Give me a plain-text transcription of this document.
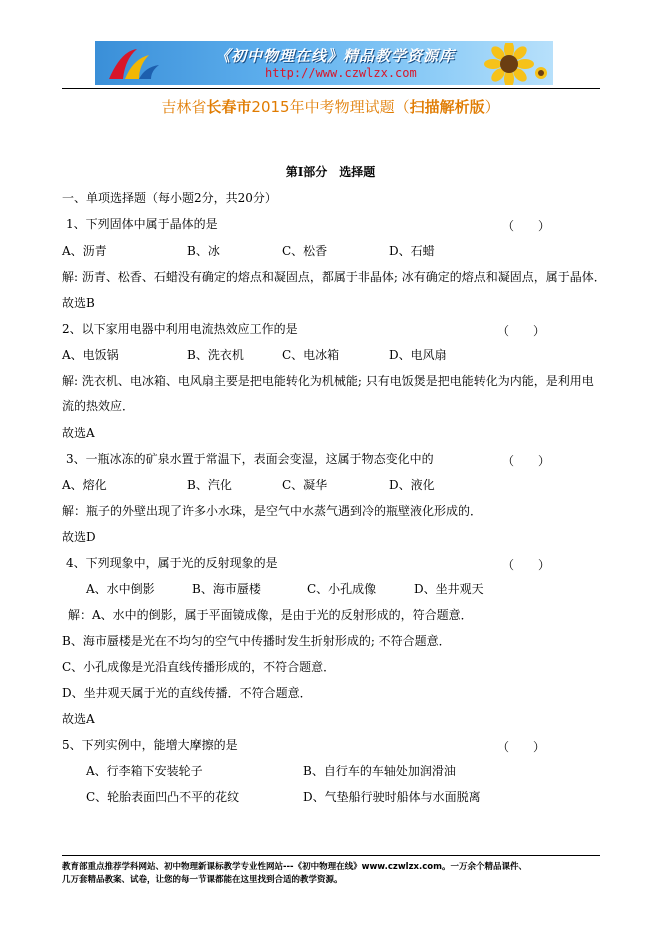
《初中物理在线》精品教学资源库
http://www.czwlzx.com
吉林省长春市2015年中考物理试题（扫描解析版）
第Ⅰ部分　选择题
一、单项选择题（每小题2分，共20分）
1、下列固体中属于晶体的是	（　　）
A、沥青	B、冰	C、松香	D、石蜡
解: 沥青、松香、石蜡没有确定的熔点和凝固点，都属于非晶体; 冰有确定的熔点和凝固点，属于晶体．
故选B
2、以下家用电器中利用电流热效应工作的是	（　　）
A、电饭锅	B、洗衣机	C、电冰箱	D、电风扇
解: 洗衣机、电冰箱、电风扇主要是把电能转化为机械能; 只有电饭煲是把电能转化为内能，是利用电
流的热效应．
故选A
3、一瓶冰冻的矿泉水置于常温下，表面会变湿，这属于物态变化中的	（　　）
A、熔化	B、汽化	C、凝华	D、液化
解：瓶子的外壁出现了许多小水珠，是空气中水蒸气遇到冷的瓶壁液化形成的．
故选D
4、下列现象中，属于光的反射现象的是	（　　）
A、水中倒影	B、海市蜃楼	C、小孔成像	D、坐井观天
解：A、水中的倒影，属于平面镜成像，是由于光的反射形成的，符合题意．
B、海市蜃楼是光在不均匀的空气中传播时发生折射形成的; 不符合题意．
C、小孔成像是光沿直线传播形成的，不符合题意．
D、坐井观天属于光的直线传播．不符合题意．
故选A
5、下列实例中，能增大摩擦的是	（　　）
A、行李箱下安装轮子	B、自行车的车轴处加润滑油
C、轮胎表面凹凸不平的花纹	D、气垫船行驶时船体与水面脱离
教育部重点推荐学科网站、初中物理新课标教学专业性网站---《初中物理在线》www.czwlzx.com。一万余个精品课件、
几万套精品教案、试卷，让您的每一节课都能在这里找到合适的教学资源。
